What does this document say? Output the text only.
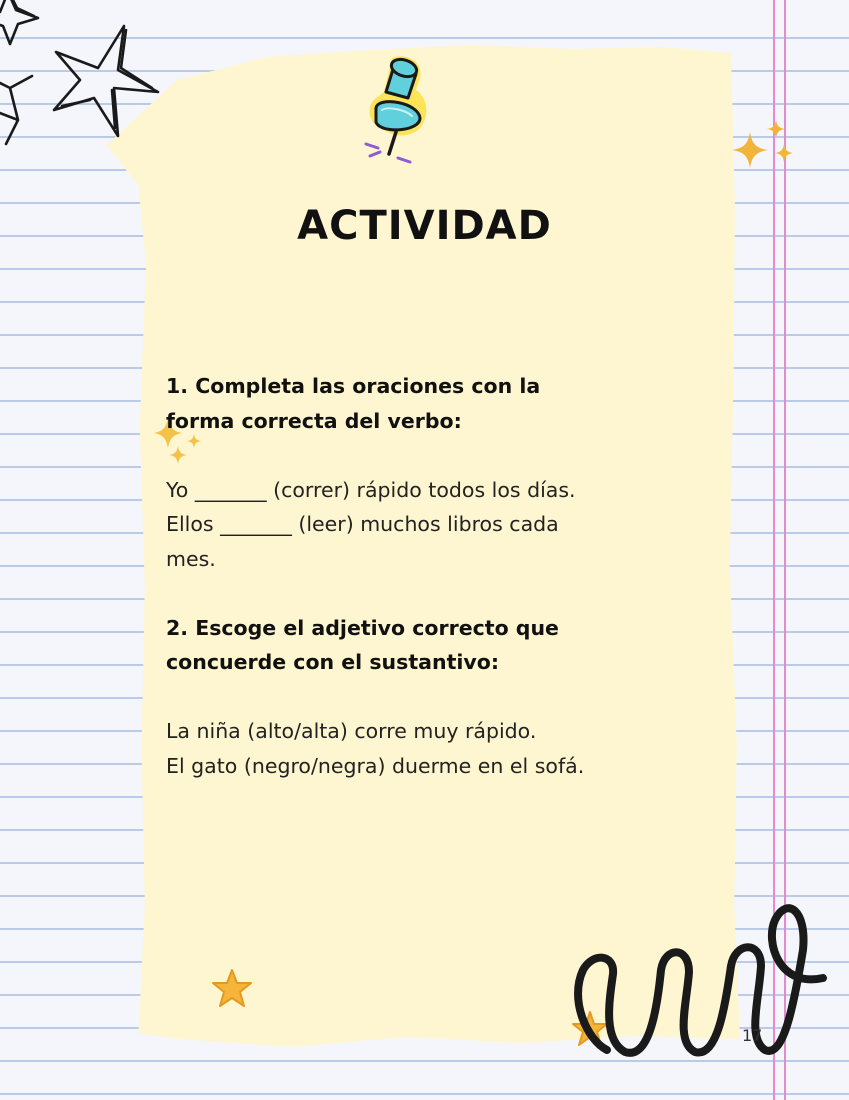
ACTIVIDAD

1. Completa las oraciones con la

forma correcta del verbo:

Yo _______ (correr) rápido todos los días.

Ellos _______ (leer) muchos libros cada

mes.

2. Escoge el adjetivo correcto que

concuerde con el sustantivo:

La niña (alto/alta) corre muy rápido.

El gato (negro/negra) duerme en el sofá.

17
